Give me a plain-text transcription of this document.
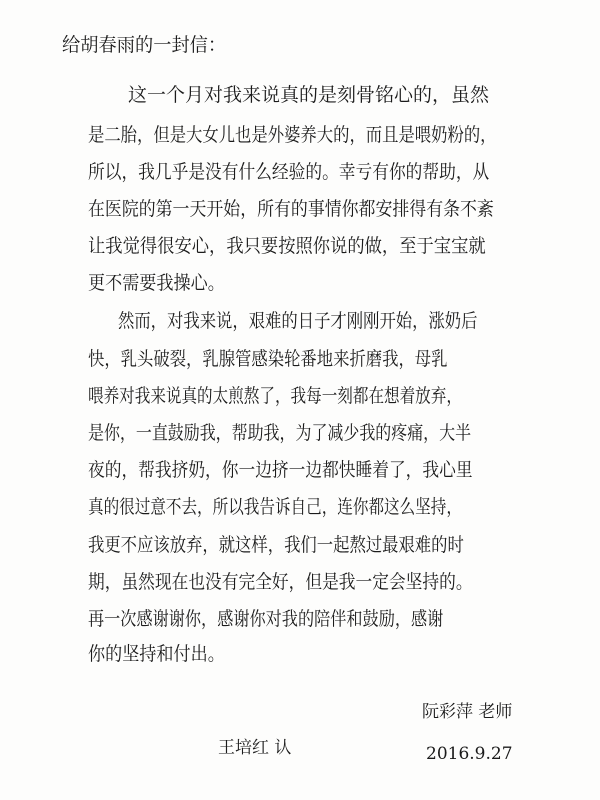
给胡春雨的一封信：
这一个月对我来说真的是刻骨铭心的，虽然
是二胎，但是大女儿也是外婆养大的，而且是喂奶粉的，
所以，我几乎是没有什么经验的。幸亏有你的帮助，从
在医院的第一天开始，所有的事情你都安排得有条不紊
让我觉得很安心，我只要按照你说的做，至于宝宝就
更不需要我操心。
然而，对我来说，艰难的日子才刚刚开始，涨奶后
快，乳头破裂，乳腺管感染轮番地来折磨我，母乳
喂养对我来说真的太煎熬了，我每一刻都在想着放弃，
是你，一直鼓励我，帮助我，为了减少我的疼痛，大半
夜的，帮我挤奶，你一边挤一边都快睡着了，我心里
真的很过意不去，所以我告诉自己，连你都这么坚持，
我更不应该放弃，就这样，我们一起熬过最艰难的时
期，虽然现在也没有完全好，但是我一定会坚持的。
再一次感谢谢你，感谢你对我的陪伴和鼓励，感谢
你的坚持和付出。
阮彩萍 老师
王培红 认	2016.9.27
